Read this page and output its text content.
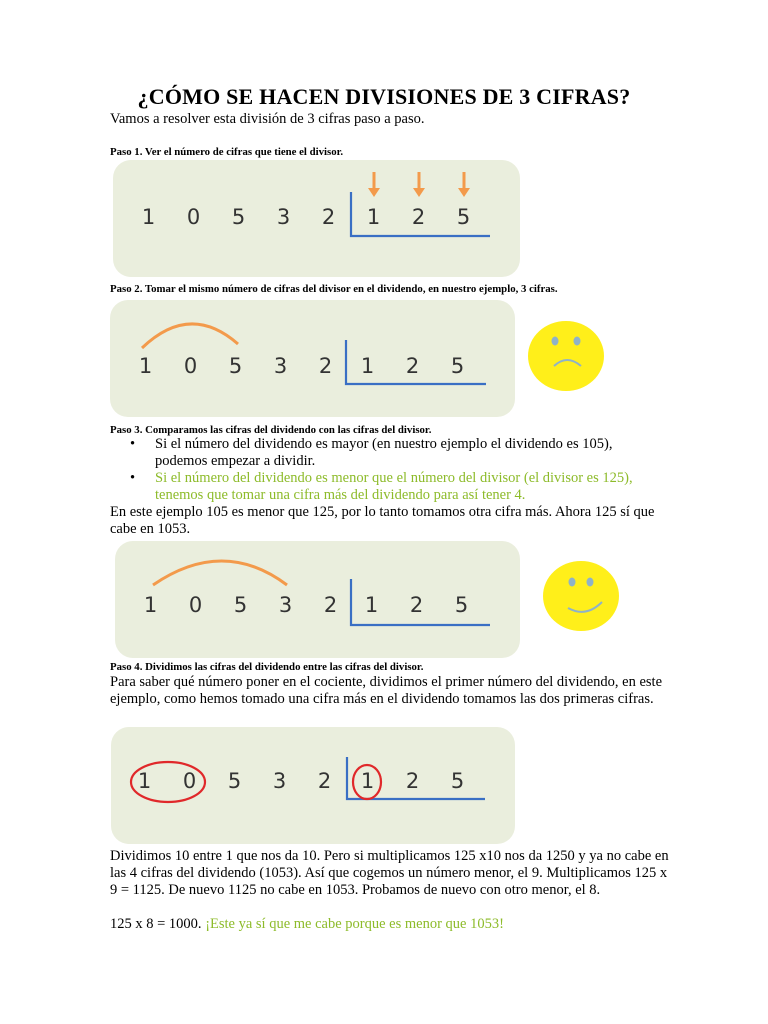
¿CÓMO SE HACEN DIVISIONES DE 3 CIFRAS?
Vamos a resolver esta división de 3 cifras paso a paso.
Paso 1. Ver el número de cifras que tiene el divisor.
1	0	5	3	2	1	2	5
Paso 2. Tomar el mismo número de cifras del divisor en el dividendo, en nuestro ejemplo, 3 cifras.
1	0	5	3	2	1	2	5
Paso 3. Comparamos las cifras del dividendo con las cifras del divisor.
• Si el número del dividendo es mayor (en nuestro ejemplo el dividendo es 105), podemos empezar a dividir.
• Si el número del dividendo es menor que el número del divisor (el divisor es 125), tenemos que tomar una cifra más del dividendo para así tener 4.
En este ejemplo 105 es menor que 125, por lo tanto tomamos otra cifra más. Ahora 125 sí que cabe en 1053.
1	0	5	3	2	1	2	5
Paso 4. Dividimos las cifras del dividendo entre las cifras del divisor.
Para saber qué número poner en el cociente, dividimos el primer número del dividendo, en este ejemplo, como hemos tomado una cifra más en el dividendo tomamos las dos primeras cifras.
1	0	5	3	2	1	2	5
Dividimos 10 entre 1 que nos da 10. Pero si multiplicamos 125 x10 nos da 1250 y ya no cabe en las 4 cifras del dividendo (1053). Así que cogemos un número menor, el 9. Multiplicamos 125 x 9 = 1125. De nuevo 1125 no cabe en 1053. Probamos de nuevo con otro menor, el 8.
125 x 8 = 1000. ¡Este ya sí que me cabe porque es menor que 1053!
